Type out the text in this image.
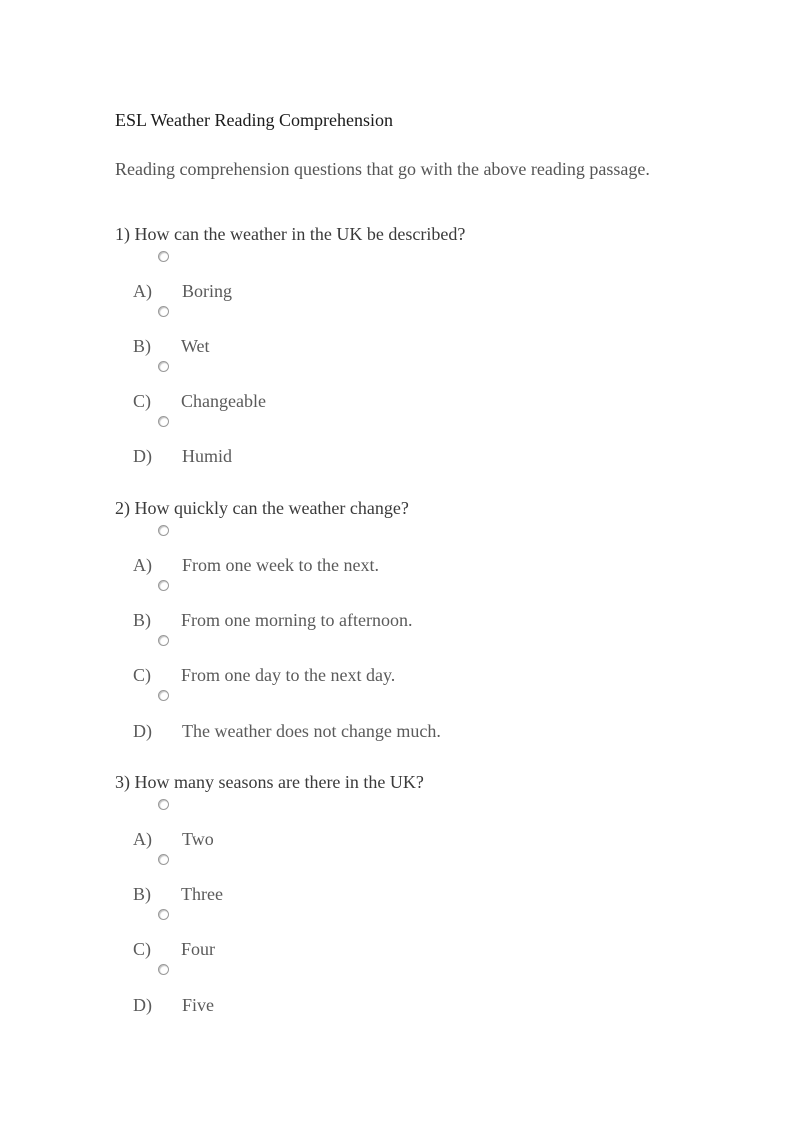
ESL Weather Reading Comprehension
Reading comprehension questions that go with the above reading passage.
1) How can the weather in the UK be described?
A) Boring
B) Wet
C) Changeable
D) Humid
2) How quickly can the weather change?
A) From one week to the next.
B) From one morning to afternoon.
C) From one day to the next day.
D) The weather does not change much.
3) How many seasons are there in the UK?
A) Two
B) Three
C) Four
D) Five
